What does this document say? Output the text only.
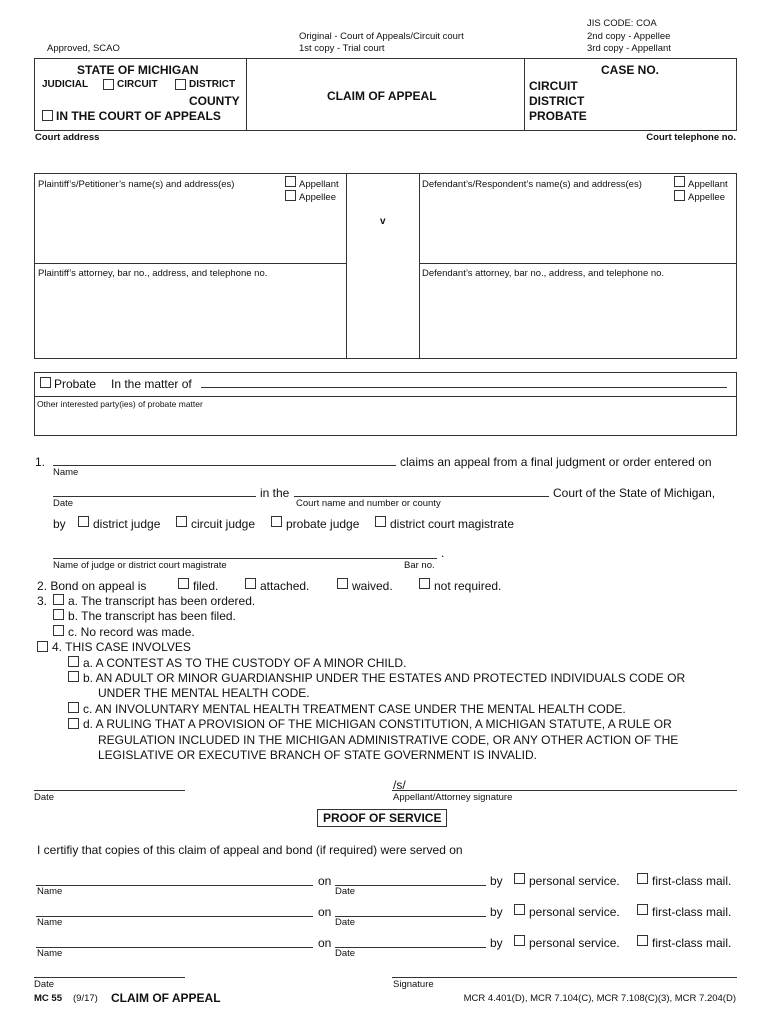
Approved, SCAO
Original - Court of Appeals/Circuit court
1st copy - Trial court
JIS CODE: COA
2nd copy - Appellee
3rd copy - Appellant
STATE OF MICHIGAN
JUDICIAL	CIRCUIT	DISTRICT
COUNTY
IN THE COURT OF APPEALS
CLAIM OF APPEAL
CASE NO.
CIRCUIT
DISTRICT
PROBATE
Court address	Court telephone no.
Plaintiff’s/Petitioner’s name(s) and address(es)	Appellant
Appellee
v
Defendant’s/Respondent’s name(s) and address(es)	Appellant
Appellee
Plaintiff’s attorney, bar no., address, and telephone no.	Defendant’s attorney, bar no., address, and telephone no.
Probate In the matter of
Other interested party(ies) of probate matter
1.	claims an appeal from a final judgment or order entered on
Name
in the	Court of the State of Michigan,
Date	Court name and number or county
by district judge	circuit judge	probate judge	district court magistrate
.
Name of judge or district court magistrate	Bar no.
2. Bond on appeal is	filed.	attached.	waived.	not required.
3. a. The transcript has been ordered.
b. The transcript has been filed.
c. No record was made.
4. THIS CASE INVOLVES
a. A CONTEST AS TO THE CUSTODY OF A MINOR CHILD.
b. AN ADULT OR MINOR GUARDIANSHIP UNDER THE ESTATES AND PROTECTED INDIVIDUALS CODE OR
UNDER THE MENTAL HEALTH CODE.
c. AN INVOLUNTARY MENTAL HEALTH TREATMENT CASE UNDER THE MENTAL HEALTH CODE.
d. A RULING THAT A PROVISION OF THE MICHIGAN CONSTITUTION, A MICHIGAN STATUTE, A RULE OR
REGULATION INCLUDED IN THE MICHIGAN ADMINISTRATIVE CODE, OR ANY OTHER ACTION OF THE
LEGISLATIVE OR EXECUTIVE BRANCH OF STATE GOVERNMENT IS INVALID.
Date
/s/
Appellant/Attorney signature
PROOF OF SERVICE
I certifiy that copies of this claim of appeal and bond (if required) were served on
on	by personal service.	first-class mail.
Name	Date
on	by personal service.	first-class mail.
Name	Date
on	by personal service.	first-class mail.
Name	Date
Date	Signature
MC 55 (9/17) CLAIM OF APPEAL	MCR 4.401(D), MCR 7.104(C), MCR 7.108(C)(3), MCR 7.204(D)
